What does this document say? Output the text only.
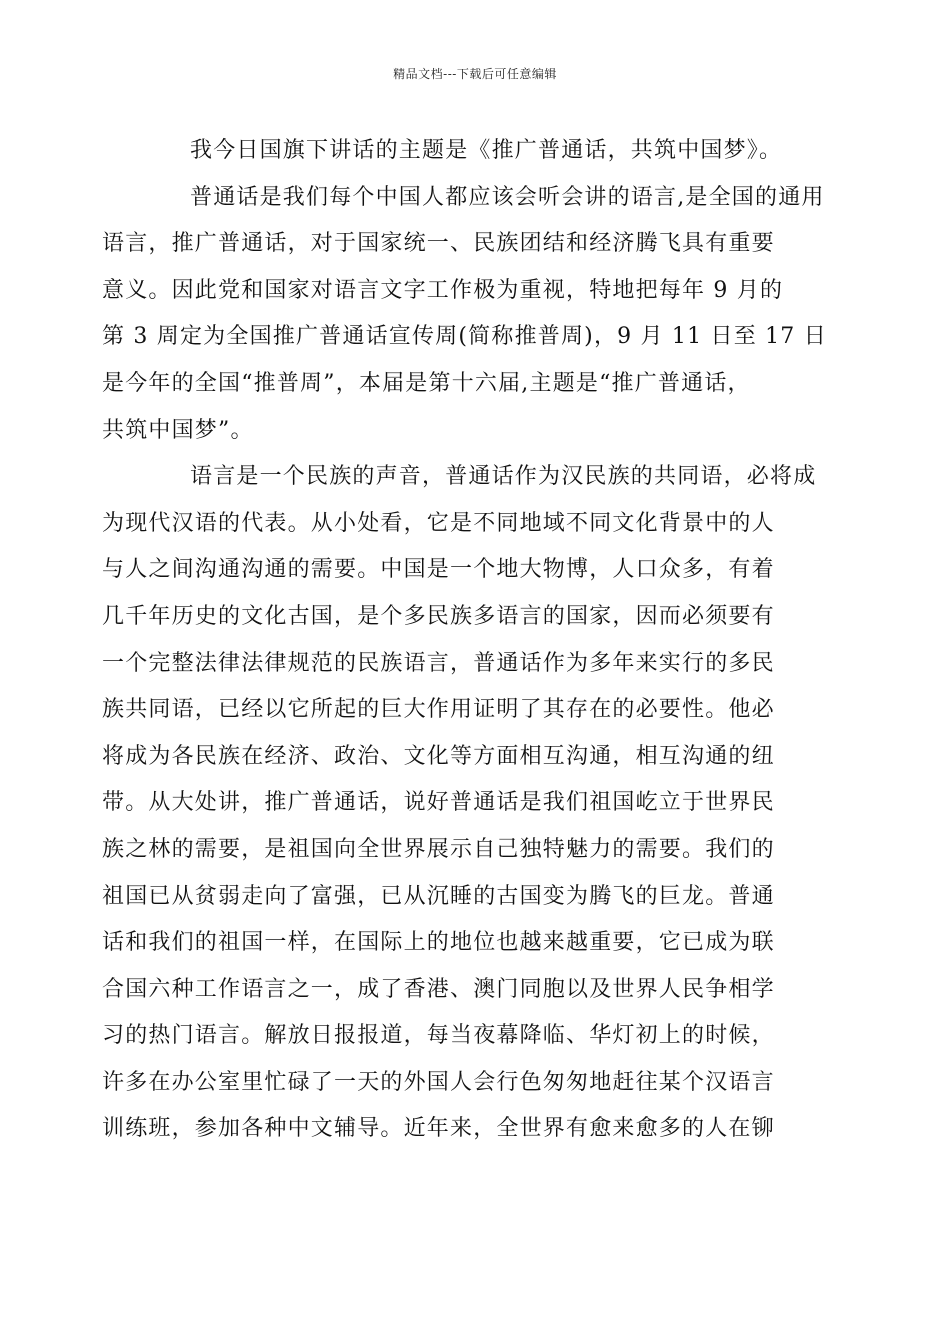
精品文档---下载后可任意编辑

我今日国旗下讲话的主题是《推广普通话，共筑中国梦》。

普通话是我们每个中国人都应该会听会讲的语言,是全国的通用
语言，推广普通话，对于国家统一、民族团结和经济腾飞具有重要
意义。因此党和国家对语言文字工作极为重视，特地把每年 9 月的
第 3 周定为全国推广普通话宣传周(简称推普周)，9 月 11 日至 17 日
是今年的全国“推普周”，本届是第十六届,主题是“推广普通话，
共筑中国梦”。

语言是一个民族的声音，普通话作为汉民族的共同语，必将成
为现代汉语的代表。从小处看，它是不同地域不同文化背景中的人
与人之间沟通沟通的需要。中国是一个地大物博，人口众多，有着
几千年历史的文化古国，是个多民族多语言的国家，因而必须要有
一个完整法律法律规范的民族语言，普通话作为多年来实行的多民
族共同语，已经以它所起的巨大作用证明了其存在的必要性。他必
将成为各民族在经济、政治、文化等方面相互沟通，相互沟通的纽
带。从大处讲，推广普通话，说好普通话是我们祖国屹立于世界民
族之林的需要，是祖国向全世界展示自己独特魅力的需要。我们的
祖国已从贫弱走向了富强，已从沉睡的古国变为腾飞的巨龙。普通
话和我们的祖国一样，在国际上的地位也越来越重要，它已成为联
合国六种工作语言之一，成了香港、澳门同胞以及世界人民争相学
习的热门语言。解放日报报道，每当夜幕降临、华灯初上的时候，
许多在办公室里忙碌了一天的外国人会行色匆匆地赶往某个汉语言
训练班，参加各种中文辅导。近年来，全世界有愈来愈多的人在铆
